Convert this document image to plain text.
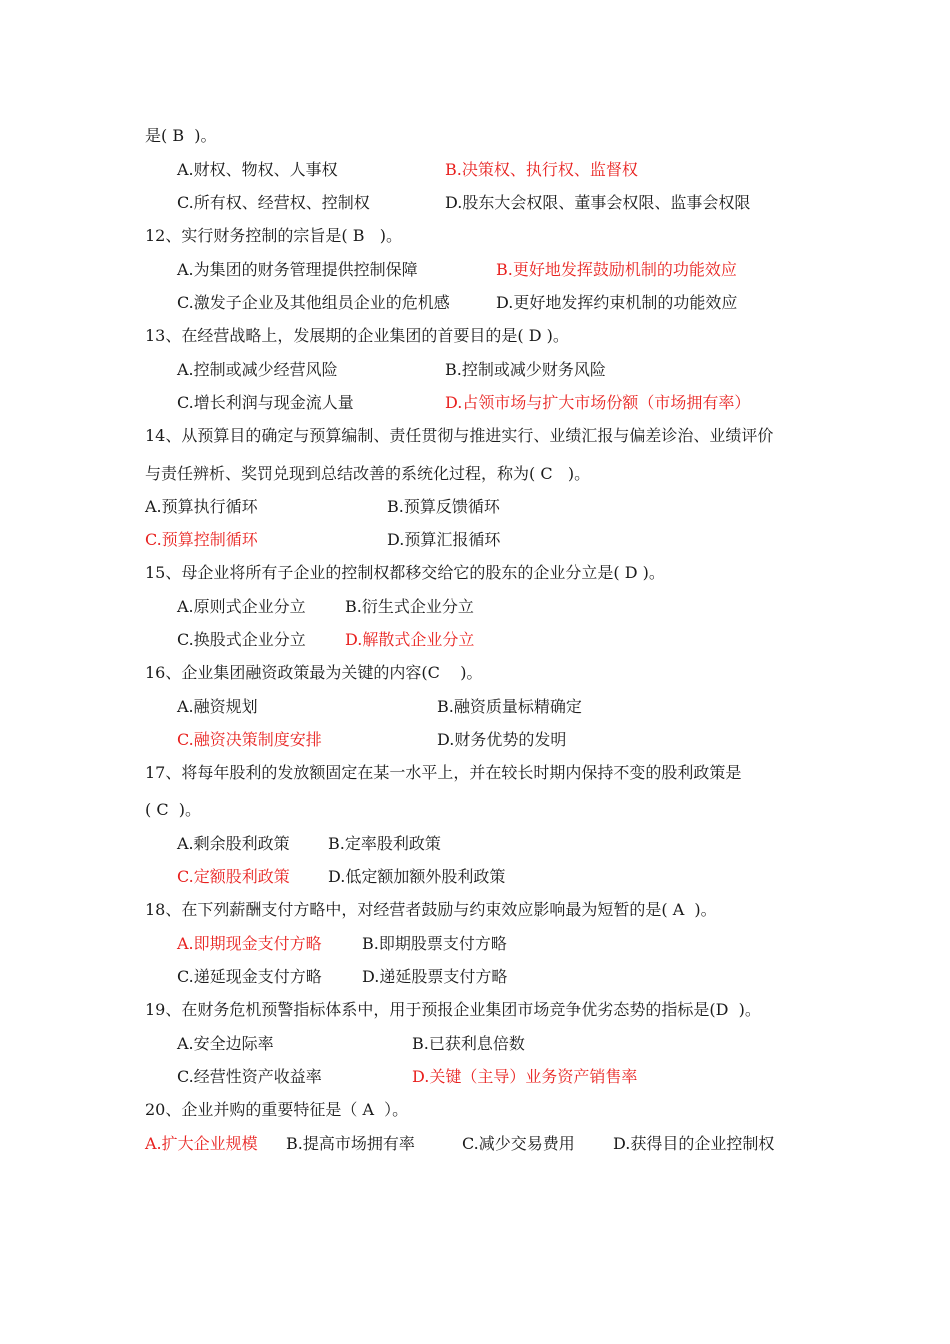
是( B  )。
A.财权、物权、人事权	B.决策权、执行权、监督权
C.所有权、经营权、控制权	D.股东大会权限、董事会权限、监事会权限
12、实行财务控制的宗旨是( B   )。
A.为集团的财务管理提供控制保障	B.更好地发挥鼓励机制的功能效应
C.激发子企业及其他组员企业的危机感	D.更好地发挥约束机制的功能效应
13、在经营战略上，发展期的企业集团的首要目的是( D )。
A.控制或减少经营风险	B.控制或减少财务风险
C.增长利润与现金流人量	D.占领市场与扩大市场份额（市场拥有率）
14、从预算目的确定与预算编制、责任贯彻与推进实行、业绩汇报与偏差诊治、业绩评价
与责任辨析、奖罚兑现到总结改善的系统化过程，称为( C   )。
A.预算执行循环	B.预算反馈循环
C.预算控制循环	D.预算汇报循环
15、母企业将所有子企业的控制权都移交给它的股东的企业分立是( D )。
A.原则式企业分立 B.衍生式企业分立
C.换股式企业分立 D.解散式企业分立
16、企业集团融资政策最为关键的内容(C    )。
A.融资规划	B.融资质量标精确定
C.融资决策制度安排	D.财务优势的发明
17、将每年股利的发放额固定在某一水平上，并在较长时期内保持不变的股利政策是
( C  )。
A.剩余股利政策 B.定率股利政策
C.定额股利政策 D.低定额加额外股利政策
18、在下列薪酬支付方略中，对经营者鼓励与约束效应影响最为短暂的是( A  )。
A.即期现金支付方略	B.即期股票支付方略
C.递延现金支付方略	D.递延股票支付方略
19、在财务危机预警指标体系中，用于预报企业集团市场竞争优劣态势的指标是(D  )。
A.安全边际率	B.已获利息倍数
C.经营性资产收益率	D.关键（主导）业务资产销售率
20、企业并购的重要特征是（ A  ）。
A.扩大企业规模 B.提高市场拥有率	C.减少交易费用 D.获得目的企业控制权
